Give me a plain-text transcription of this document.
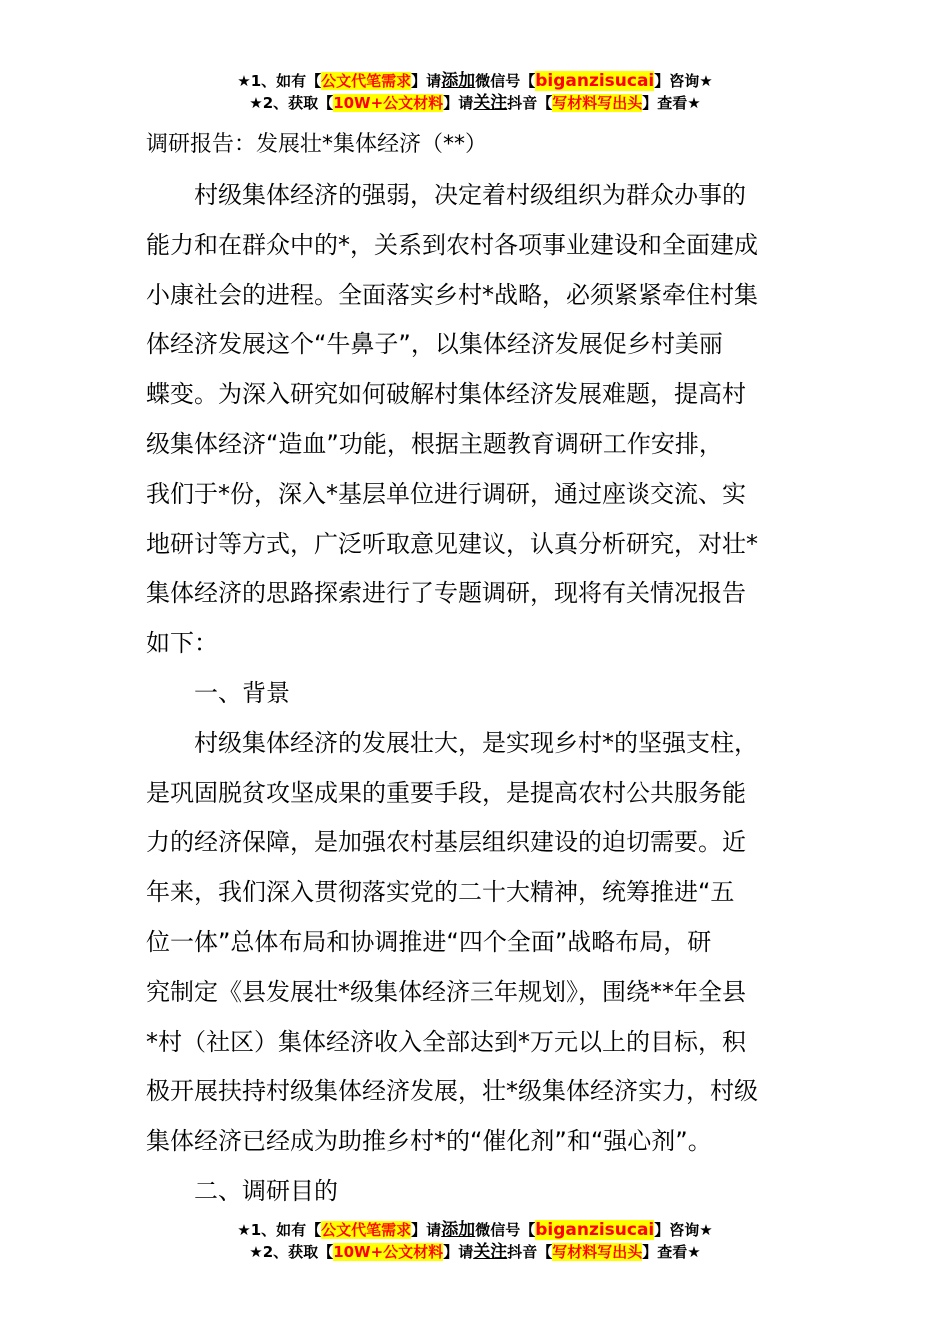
★1、如有【公文代笔需求】请添加微信号【biganzisucai】咨询★
★2、获取【10W+公文材料】请关注抖音【写材料写出头】查看★
调研报告：发展壮*集体经济（**）
村级集体经济的强弱，决定着村级组织为群众办事的
能力和在群众中的*，关系到农村各项事业建设和全面建成
小康社会的进程。全面落实乡村*战略，必须紧紧牵住村集
体经济发展这个“牛鼻子”，以集体经济发展促乡村美丽
蝶变。为深入研究如何破解村集体经济发展难题，提高村
级集体经济“造血”功能，根据主题教育调研工作安排，
我们于*份，深入*基层单位进行调研，通过座谈交流、实
地研讨等方式，广泛听取意见建议，认真分析研究，对壮*
集体经济的思路探索进行了专题调研，现将有关情况报告
如下：
一、背景
村级集体经济的发展壮大，是实现乡村*的坚强支柱，
是巩固脱贫攻坚成果的重要手段，是提高农村公共服务能
力的经济保障，是加强农村基层组织建设的迫切需要。近
年来，我们深入贯彻落实党的二十大精神，统筹推进“五
位一体”总体布局和协调推进“四个全面”战略布局，研
究制定《县发展壮*级集体经济三年规划》，围绕**年全县
*村（社区）集体经济收入全部达到*万元以上的目标，积
极开展扶持村级集体经济发展，壮*级集体经济实力，村级
集体经济已经成为助推乡村*的“催化剂”和“强心剂”。
二、调研目的
★1、如有【公文代笔需求】请添加微信号【biganzisucai】咨询★
★2、获取【10W+公文材料】请关注抖音【写材料写出头】查看★
